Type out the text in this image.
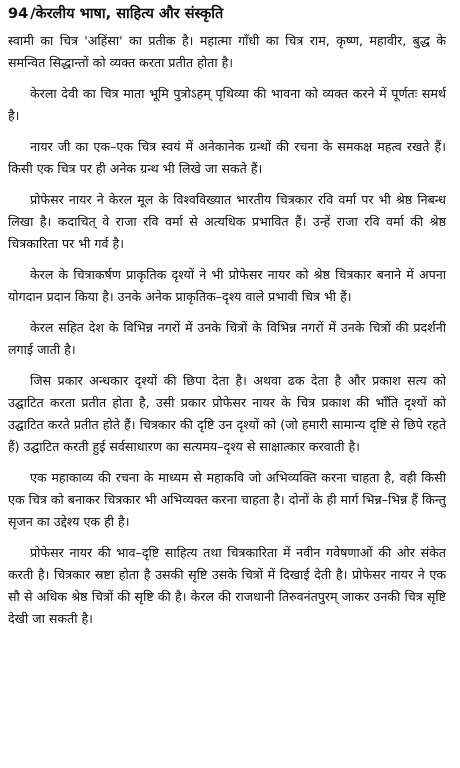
94 /केरलीय भाषा, साहित्य और संस्कृति

स्वामी का चित्र 'अहिंसा' का प्रतीक है। महात्मा गाँधी का चित्र राम, कृष्ण, महावीर, बुद्ध के समन्वित सिद्धान्तों को व्यक्त करता प्रतीत होता है।

केरला देवी का चित्र माता भूमि पुत्रोऽहम् पृथिव्या की भावना को व्यक्त करने में पूर्णतः समर्थ है।

नायर जी का एक–एक चित्र स्वयं में अनेकानेक ग्रन्थों की रचना के समकक्ष महत्व रखते हैं। किसी एक चित्र पर ही अनेक ग्रन्थ भी लिखे जा सकते हैं।

प्रोफेसर नायर ने केरल मूल के विश्वविख्यात भारतीय चित्रकार रवि वर्मा पर भी श्रेष्ठ निबन्ध लिखा है। कदाचित् वे राजा रवि वर्मा से अत्यधिक प्रभावित हैं। उन्हें राजा रवि वर्मा की श्रेष्ठ चित्रकारिता पर भी गर्व है।

केरल के चित्राकर्षण प्राकृतिक दृश्यों ने भी प्रोफेसर नायर को श्रेष्ठ चित्रकार बनाने में अपना योगदान प्रदान किया है। उनके अनेक प्राकृतिक–दृश्य वाले प्रभावी चित्र भी हैं।

केरल सहित देश के विभिन्न नगरों में उनके चित्रों के विभिन्न नगरों में उनके चित्रों की प्रदर्शनी लगाई जाती है।

जिस प्रकार अन्धकार दृश्यों की छिपा देता है। अथवा ढक देता है और प्रकाश सत्य को उद्घाटित करता प्रतीत होता है, उसी प्रकार प्रोफेसर नायर के चित्र प्रकाश की भाँति दृश्यों को उद्घाटित करते प्रतीत होते हैं। चित्रकार की दृष्टि उन दृश्यों को (जो हमारी सामान्य दृष्टि से छिपे रहते हैं) उद्घाटित करती हुई सर्वसाधारण का सत्यमय–दृश्य से साक्षात्कार करवाती है।

एक महाकाव्य की रचना के माध्यम से महाकवि जो अभिव्यक्ति करना चाहता है, वही किसी एक चित्र को बनाकर चित्रकार भी अभिव्यक्त करना चाहता है। दोनों के ही मार्ग भिन्न–भिन्न हैं किन्तु सृजन का उद्देश्य एक ही है।

प्रोफेसर नायर की भाव–दृष्टि साहित्य तथा चित्रकारिता में नवीन गवेषणाओं की ओर संकेत करती है। चित्रकार स्रष्टा होता है उसकी सृष्टि उसके चित्रों में दिखाई देती है। प्रोफेसर नायर ने एक सौ से अधिक श्रेष्ठ चित्रों की सृष्टि की है। केरल की राजधानी तिरुवनंतपुरम् जाकर उनकी चित्र सृष्टि देखी जा सकती है।
